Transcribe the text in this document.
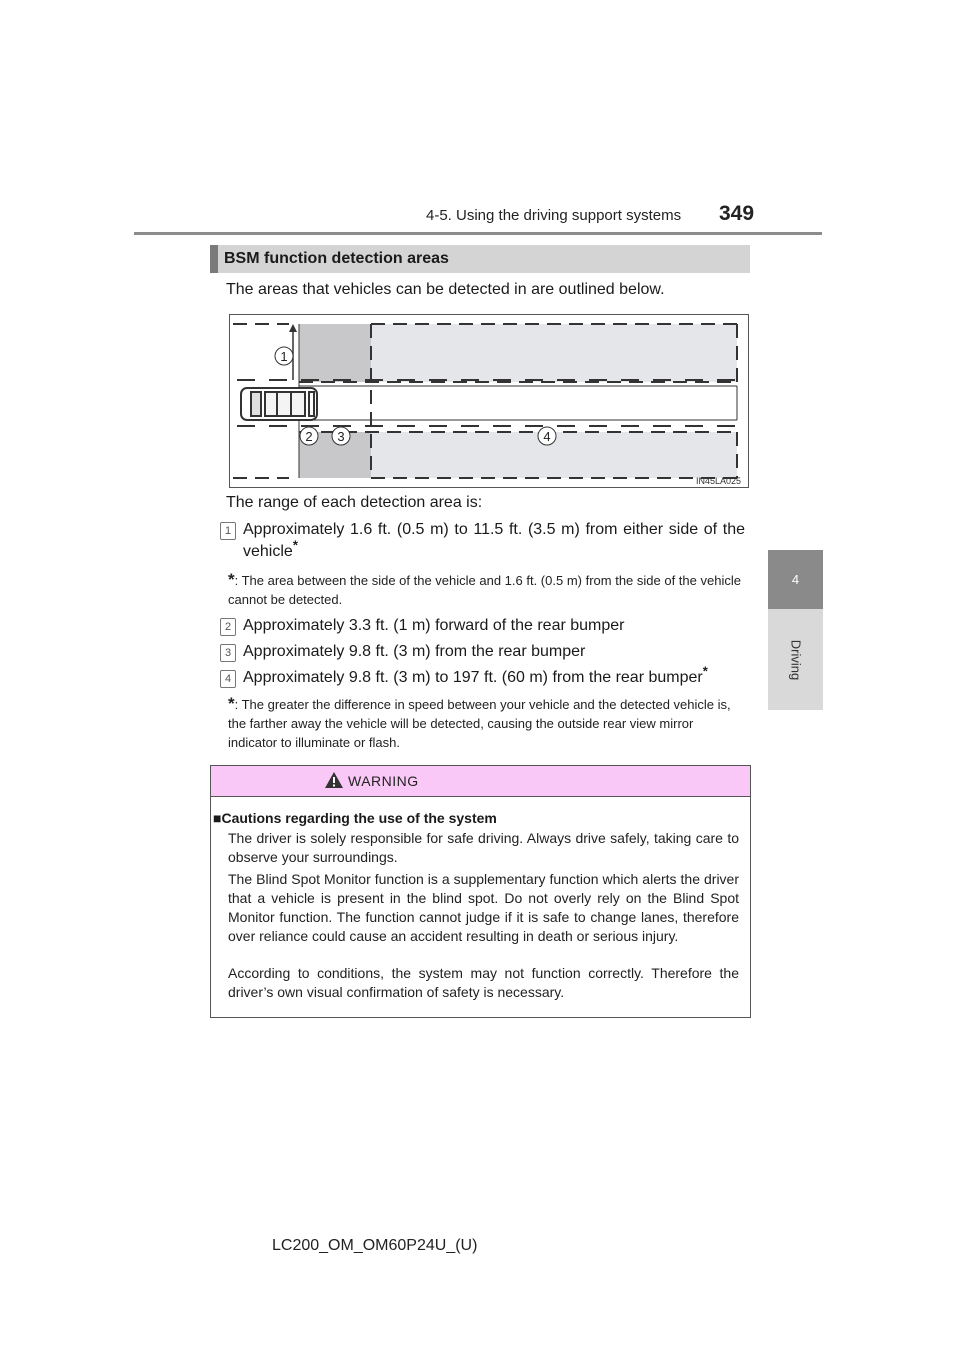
4-5. Using the driving support systems 349
4
Driving
BSM function detection areas
The areas that vehicles can be detected in are outlined below.
1
2 3	4
IN45LA025
The range of each detection area is:
1 Approximately 1.6 ft. (0.5 m) to 11.5 ft. (3.5 m) from either side of the vehicle*
*: The area between the side of the vehicle and 1.6 ft. (0.5 m) from the side of the vehicle cannot be detected.
2 Approximately 3.3 ft. (1 m) forward of the rear bumper
3 Approximately 9.8 ft. (3 m) from the rear bumper
4 Approximately 9.8 ft. (3 m) to 197 ft. (60 m) from the rear bumper*
*: The greater the difference in speed between your vehicle and the detected vehicle is, the farther away the vehicle will be detected, causing the outside rear view mirror indicator to illuminate or flash.
WARNING
■Cautions regarding the use of the system
The driver is solely responsible for safe driving. Always drive safely, taking care to observe your surroundings.
The Blind Spot Monitor function is a supplementary function which alerts the driver that a vehicle is present in the blind spot. Do not overly rely on the Blind Spot Monitor function. The function cannot judge if it is safe to change lanes, therefore over reliance could cause an accident resulting in death or serious injury.
According to conditions, the system may not function correctly. Therefore the driver’s own visual confirmation of safety is necessary.
LC200_OM_OM60P24U_(U)
